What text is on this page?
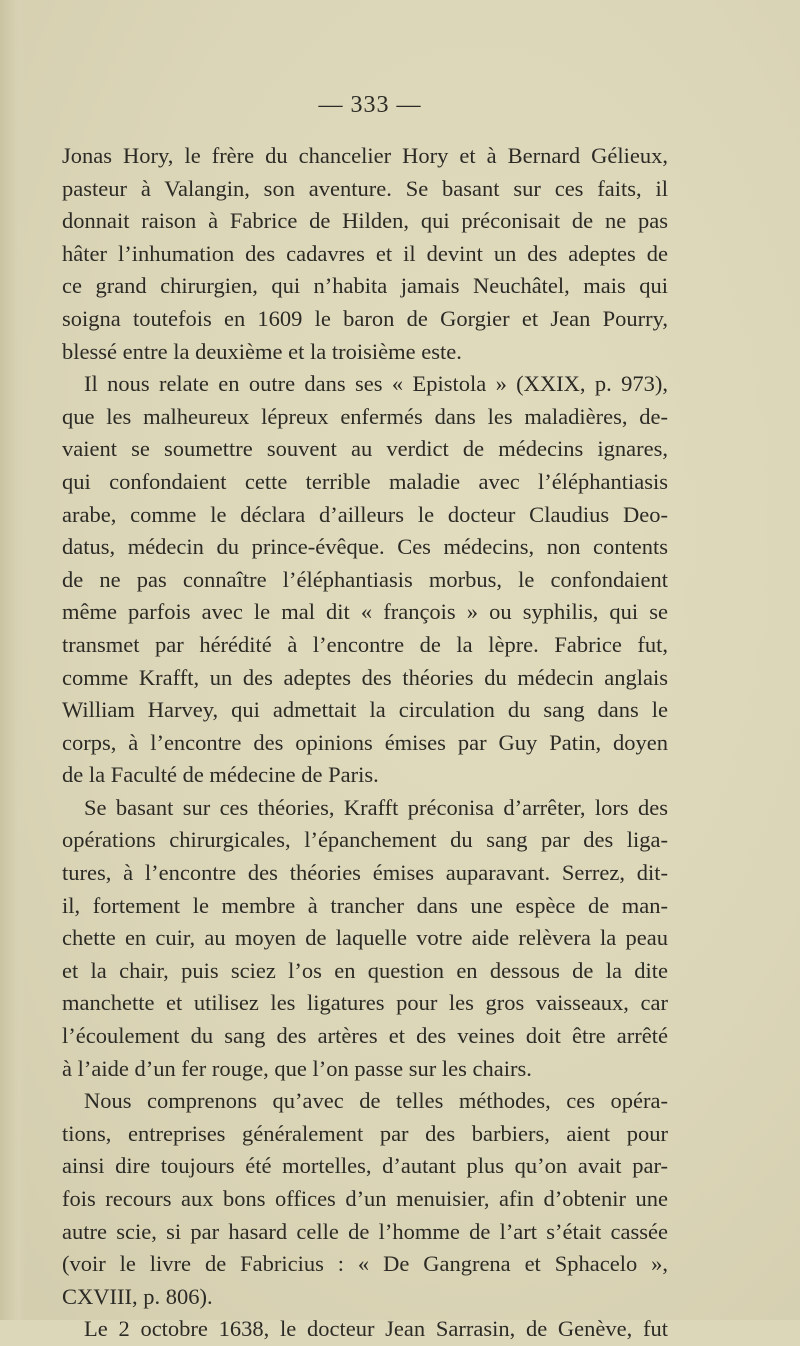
— 333 —
Jonas Hory, le frère du chancelier Hory et à Bernard Gélieux,
pasteur à Valangin, son aventure. Se basant sur ces faits, il
donnait raison à Fabrice de Hilden, qui préconisait de ne pas
hâter l’inhumation des cadavres et il devint un des adeptes de
ce grand chirurgien, qui n’habita jamais Neuchâtel, mais qui
soigna toutefois en 1609 le baron de Gorgier et Jean Pourry,
blessé entre la deuxième et la troisième este.
Il nous relate en outre dans ses « Epistola » (XXIX, p. 973),
que les malheureux lépreux enfermés dans les maladières, de-
vaient se soumettre souvent au verdict de médecins ignares,
qui confondaient cette terrible maladie avec l’éléphantiasis
arabe, comme le déclara d’ailleurs le docteur Claudius Deo-
datus, médecin du prince-évêque. Ces médecins, non contents
de ne pas connaître l’éléphantiasis morbus, le confondaient
même parfois avec le mal dit « françois » ou syphilis, qui se
transmet par hérédité à l’encontre de la lèpre. Fabrice fut,
comme Krafft, un des adeptes des théories du médecin anglais
William Harvey, qui admettait la circulation du sang dans le
corps, à l’encontre des opinions émises par Guy Patin, doyen
de la Faculté de médecine de Paris.
Se basant sur ces théories, Krafft préconisa d’arrêter, lors des
opérations chirurgicales, l’épanchement du sang par des liga-
tures, à l’encontre des théories émises auparavant. Serrez, dit-
il, fortement le membre à trancher dans une espèce de man-
chette en cuir, au moyen de laquelle votre aide relèvera la peau
et la chair, puis sciez l’os en question en dessous de la dite
manchette et utilisez les ligatures pour les gros vaisseaux, car
l’écoulement du sang des artères et des veines doit être arrêté
à l’aide d’un fer rouge, que l’on passe sur les chairs.
Nous comprenons qu’avec de telles méthodes, ces opéra-
tions, entreprises généralement par des barbiers, aient pour
ainsi dire toujours été mortelles, d’autant plus qu’on avait par-
fois recours aux bons offices d’un menuisier, afin d’obtenir une
autre scie, si par hasard celle de l’homme de l’art s’était cassée
(voir le livre de Fabricius : « De Gangrena et Sphacelo »,
CXVIII, p. 806).
Le 2 octobre 1638, le docteur Jean Sarrasin, de Genève, fut
